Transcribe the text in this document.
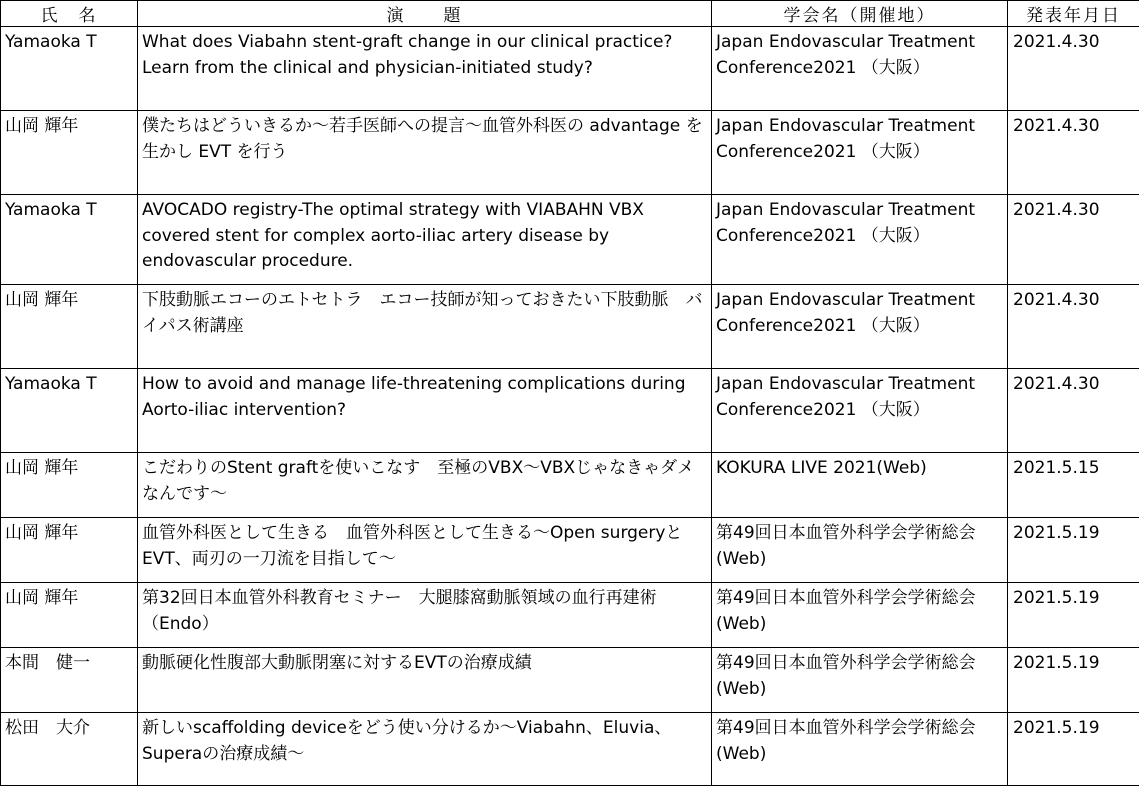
氏　名	演　　題	学会名（開催地）	発表年月日
Yamaoka T	What does Viabahn stent-graft change in our clinical practice? Learn from the clinical and physician-initiated study?	Japan Endovascular Treatment Conference2021 （大阪）	2021.4.30
山岡 輝年	僕たちはどういきるか～若手医師への提言～血管外科医の advantage を生かし EVT を行う	Japan Endovascular Treatment Conference2021 （大阪）	2021.4.30
Yamaoka T	AVOCADO registry-The optimal strategy with VIABAHN VBX covered stent for complex aorto-iliac artery disease by endovascular procedure.	Japan Endovascular Treatment Conference2021 （大阪）	2021.4.30
山岡 輝年	下肢動脈エコーのエトセトラ　エコー技師が知っておきたい下肢動脈　バイパス術講座	Japan Endovascular Treatment Conference2021 （大阪）	2021.4.30
Yamaoka T	How to avoid and manage life-threatening complications during Aorto-iliac intervention?	Japan Endovascular Treatment Conference2021 （大阪）	2021.4.30
山岡 輝年	こだわりのStent graftを使いこなす　至極のVBX～VBXじゃなきゃダメなんです～	KOKURA LIVE 2021(Web)	2021.5.15
山岡 輝年	血管外科医として生きる　血管外科医として生きる～Open surgeryとEVT、両刃の一刀流を目指して～	第49回日本血管外科学会学術総会(Web)	2021.5.19
山岡 輝年	第32回日本血管外科教育セミナー　大腿膝窩動脈領域の血行再建術（Endo）	第49回日本血管外科学会学術総会(Web)	2021.5.19
本間　健一	動脈硬化性腹部大動脈閉塞に対するEVTの治療成績	第49回日本血管外科学会学術総会(Web)	2021.5.19
松田　大介	新しいscaffolding deviceをどう使い分けるか～Viabahn、Eluvia、Superaの治療成績～	第49回日本血管外科学会学術総会(Web)	2021.5.19
